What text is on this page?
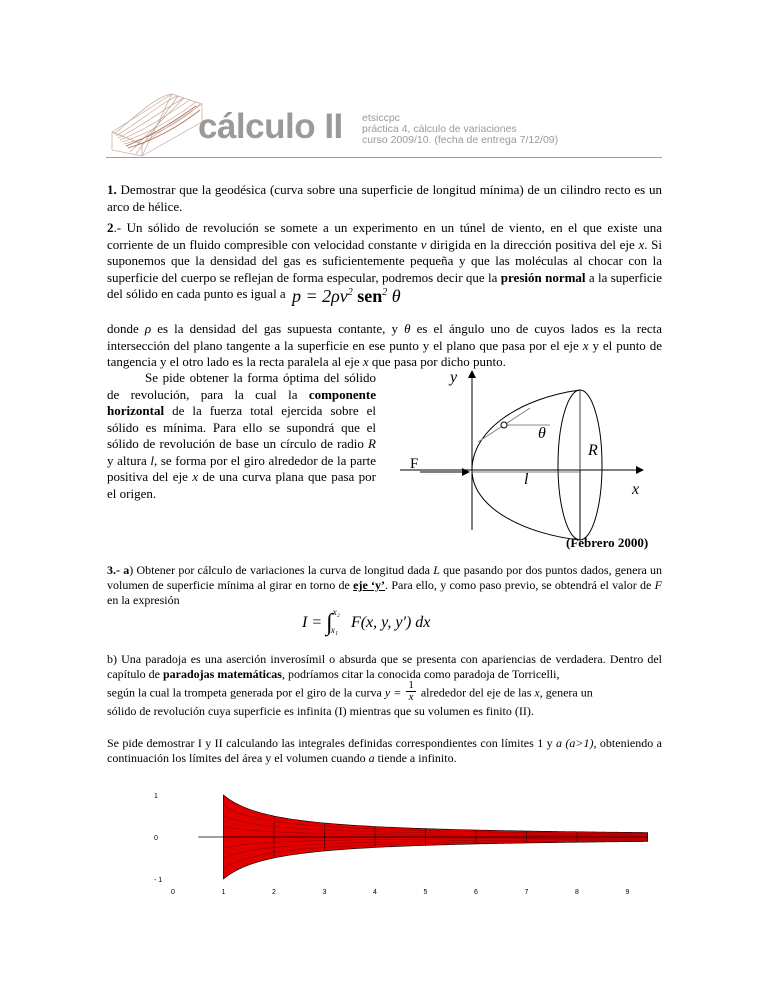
cálculo II etsiccpc
práctica 4, cálculo de variaciones
curso 2009/10. (fecha de entrega 7/12/09)
1. Demostrar que la geodésica (curva sobre una superficie de longitud mínima) de un cilindro recto es un arco de hélice.
2.- Un sólido de revolución se somete a un experimento en un túnel de viento, en el que existe una corriente de un fluido compresible con velocidad constante v dirigida en la dirección positiva del eje x. Si suponemos que la densidad del gas es suficientemente pequeña y que las moléculas al chocar con la superficie del cuerpo se reflejan de forma especular, podremos decir que la presión normal a la superficie del sólido en cada punto es igual a $p = 2\rho v^2$ sen$^2$ θ
donde ρ es la densidad del gas supuesta contante, y θ es el ángulo uno de cuyos lados es la recta intersección del plano tangente a la superficie en ese punto y el plano que pasa por el eje x y el punto de tangencia y el otro lado es la recta paralela al eje x que pasa por dicho punto.
Se pide obtener la forma óptima del sólido de revolución, para la cual la componente horizontal de la fuerza total ejercida sobre el sólido es mínima. Para ello se supondrá que el sólido de revolución de base un círculo de radio R y altura l, se forma por el giro alrededor de la parte positiva del eje x de una curva plana que pasa por el origen.
y
θ
R
F
l
x
(Febrero 2000)
3.- a) Obtener por cálculo de variaciones la curva de longitud dada L que pasando por dos puntos dados, genera un volumen de superficie mínima al girar en torno de eje ‘y’. Para ello, y como paso previo, se obtendrá el valor de F en la expresión
I = ∫$^{x_2}_{x_1}$ F(x, y, y′) dx
b) Una paradoja es una aserción inverosímil o absurda que se presenta con apariencias de verdadera. Dentro del capítulo de paradojas matemáticas, podríamos citar la conocida como paradoja de Torricelli,
según la cual la trompeta generada por el giro de la curva $y = \frac{1}{x}$ alrededor del eje de las x, genera un
sólido de revolución cuya superficie es infinita (I) mientras que su volumen es finito (II).
Se pide demostrar I y II calculando las integrales definidas correspondientes con límites 1 y a (a>1), obteniendo a continuación los límites del área y el volumen cuando a tiende a infinito.
1
0
- 1
0	1	2	3	4	5	6	7	8	9
